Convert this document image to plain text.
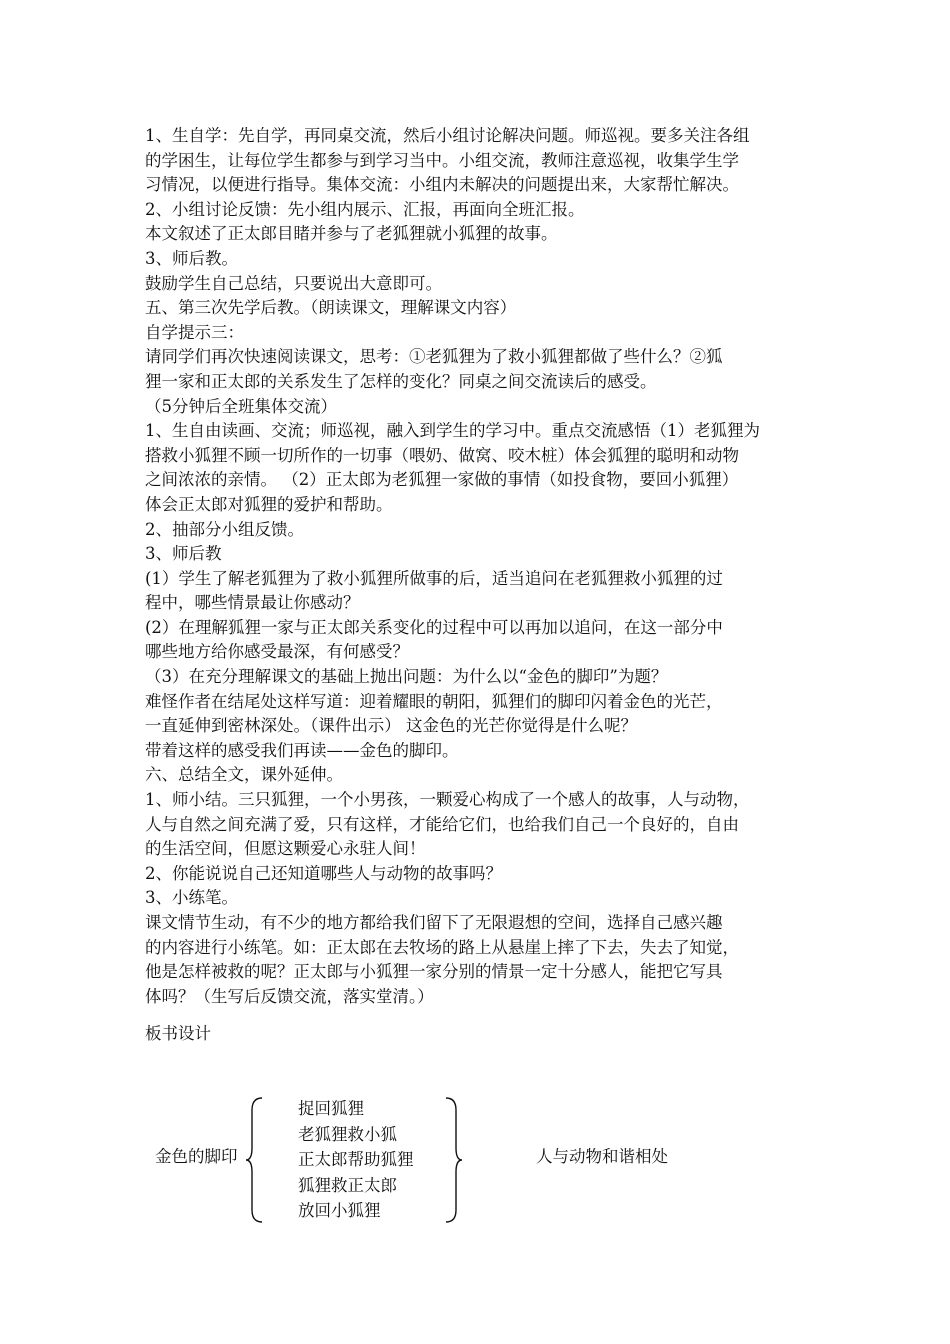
1、生自学：先自学，再同桌交流，然后小组讨论解决问题。师巡视。要多关注各组

的学困生，让每位学生都参与到学习当中。小组交流，教师注意巡视，收集学生学

习情况，以便进行指导。集体交流：小组内未解决的问题提出来，大家帮忙解决。

2、小组讨论反馈：先小组内展示、汇报，再面向全班汇报。

本文叙述了正太郎目睹并参与了老狐狸就小狐狸的故事。

3、师后教。

鼓励学生自己总结，只要说出大意即可。

五、第三次先学后教。（朗读课文，理解课文内容）

自学提示三：

请同学们再次快速阅读课文，思考：①老狐狸为了救小狐狸都做了些什么？②狐

狸一家和正太郎的关系发生了怎样的变化？同桌之间交流读后的感受。

（5分钟后全班集体交流）

1、生自由读画、交流；师巡视，融入到学生的学习中。重点交流感悟（1）老狐狸为

搭救小狐狸不顾一切所作的一切事（喂奶、做窝、咬木桩）体会狐狸的聪明和动物

之间浓浓的亲情。 （2）正太郎为老狐狸一家做的事情（如投食物，要回小狐狸）

体会正太郎对狐狸的爱护和帮助。

2、抽部分小组反馈。

3、师后教

(1）学生了解老狐狸为了救小狐狸所做事的后，适当追问在老狐狸救小狐狸的过

程中，哪些情景最让你感动？

(2）在理解狐狸一家与正太郎关系变化的过程中可以再加以追问，在这一部分中

哪些地方给你感受最深，有何感受？

（3）在充分理解课文的基础上抛出问题：为什么以“金色的脚印”为题？

难怪作者在结尾处这样写道：迎着耀眼的朝阳，狐狸们的脚印闪着金色的光芒，

一直延伸到密林深处。（课件出示） 这金色的光芒你觉得是什么呢？

带着这样的感受我们再读——金色的脚印。

六、总结全文，课外延伸。

1、师小结。三只狐狸，一个小男孩，一颗爱心构成了一个感人的故事，人与动物，

人与自然之间充满了爱，只有这样，才能给它们，也给我们自己一个良好的，自由

的生活空间，但愿这颗爱心永驻人间！

2、你能说说自己还知道哪些人与动物的故事吗？

3、小练笔。

课文情节生动，有不少的地方都给我们留下了无限遐想的空间，选择自己感兴趣

的内容进行小练笔。如：正太郎在去牧场的路上从悬崖上摔了下去，失去了知觉，

他是怎样被救的呢？正太郎与小狐狸一家分别的情景一定十分感人，能把它写具

体吗？（生写后反馈交流，落实堂清。）

板书设计
金色的脚印
捉回狐狸
老狐狸救小狐
正太郎帮助狐狸
狐狸救正太郎
放回小狐狸
人与动物和谐相处
